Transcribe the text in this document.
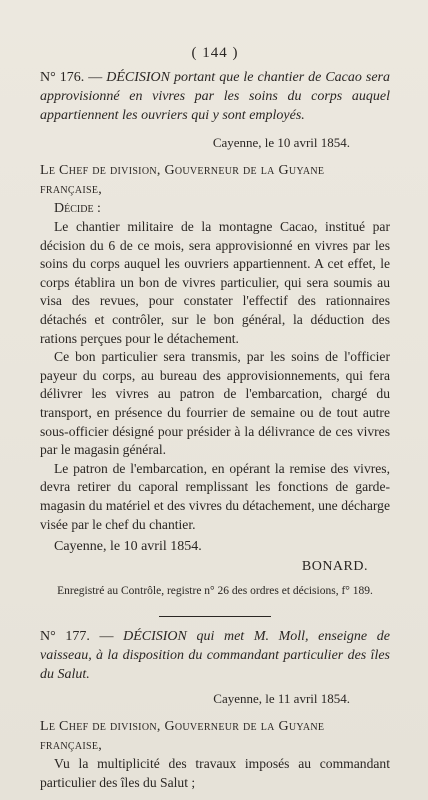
( 144 )
N° 176. — DÉCISION portant que le chantier de Cacao sera approvisionné en vivres par les soins du corps auquel appartiennent les ouvriers qui y sont employés.
Cayenne, le 10 avril 1854.
Le Chef de division, Gouverneur de la Guyane française,
Décide :

Le chantier militaire de la montagne Cacao, institué par décision du 6 de ce mois, sera approvisionné en vivres par les soins du corps auquel les ouvriers appartiennent. A cet effet, le corps établira un bon de vivres particulier, qui sera soumis au visa des revues, pour constater l'effectif des rationnaires détachés et contrôler, sur le bon général, la déduction des rations perçues pour le détachement.

Ce bon particulier sera transmis, par les soins de l'officier payeur du corps, au bureau des approvisionnements, qui fera délivrer les vivres au patron de l'embarcation, chargé du transport, en présence du fourrier de semaine ou de tout autre sous-officier désigné pour présider à la délivrance de ces vivres par le magasin général.

Le patron de l'embarcation, en opérant la remise des vivres, devra retirer du caporal remplissant les fonctions de garde-magasin du matériel et des vivres du détachement, une décharge visée par le chef du chantier.

Cayenne, le 10 avril 1854.
BONARD.
Enregistré au Contrôle, registre n° 26 des ordres et décisions, f° 189.
N° 177. — DÉCISION qui met M. Moll, enseigne de vaisseau, à la disposition du commandant particulier des îles du Salut.
Cayenne, le 11 avril 1854.
Le Chef de division, Gouverneur de la Guyane française,

Vu la multiplicité des travaux imposés au commandant particulier des îles du Salut ;
